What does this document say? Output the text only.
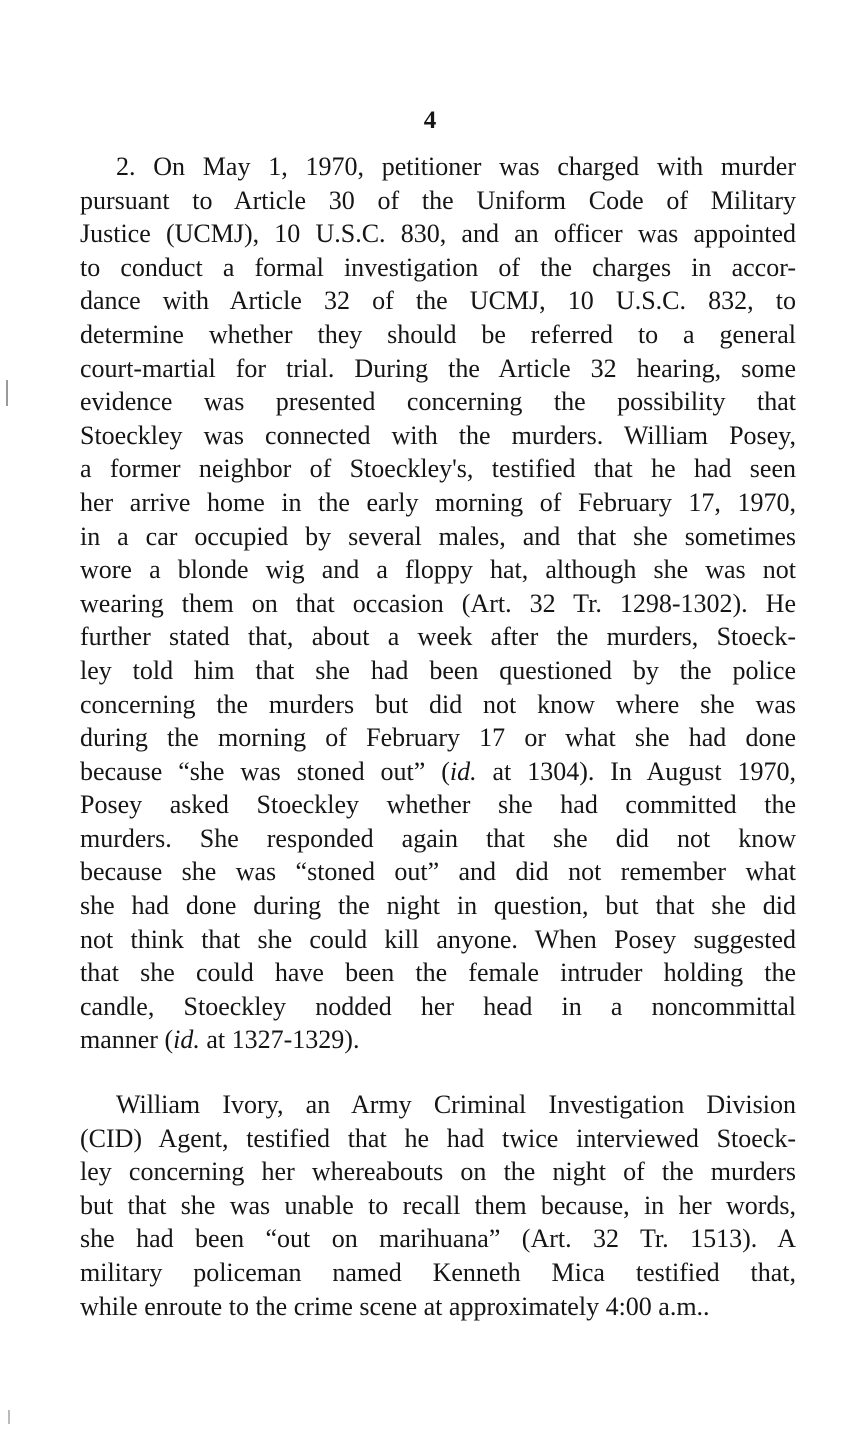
4
2. On May 1, 1970, petitioner was charged with murder
pursuant to Article 30 of the Uniform Code of Military
Justice (UCMJ), 10 U.S.C. 830, and an officer was appointed
to conduct a formal investigation of the charges in accor-
dance with Article 32 of the UCMJ, 10 U.S.C. 832, to
determine whether they should be referred to a general
court-martial for trial. During the Article 32 hearing, some
evidence was presented concerning the possibility that
Stoeckley was connected with the murders. William Posey,
a former neighbor of Stoeckley's, testified that he had seen
her arrive home in the early morning of February 17, 1970,
in a car occupied by several males, and that she sometimes
wore a blonde wig and a floppy hat, although she was not
wearing them on that occasion (Art. 32 Tr. 1298-1302). He
further stated that, about a week after the murders, Stoeck-
ley told him that she had been questioned by the police
concerning the murders but did not know where she was
during the morning of February 17 or what she had done
because “she was stoned out” (id. at 1304). In August 1970,
Posey asked Stoeckley whether she had committed the
murders. She responded again that she did not know
because she was “stoned out” and did not remember what
she had done during the night in question, but that she did
not think that she could kill anyone. When Posey suggested
that she could have been the female intruder holding the
candle, Stoeckley nodded her head in a noncommittal
manner (id. at 1327-1329).
William Ivory, an Army Criminal Investigation Division
(CID) Agent, testified that he had twice interviewed Stoeck-
ley concerning her whereabouts on the night of the murders
but that she was unable to recall them because, in her words,
she had been “out on marihuana” (Art. 32 Tr. 1513). A
military policeman named Kenneth Mica testified that,
while enroute to the crime scene at approximately 4:00 a.m..
